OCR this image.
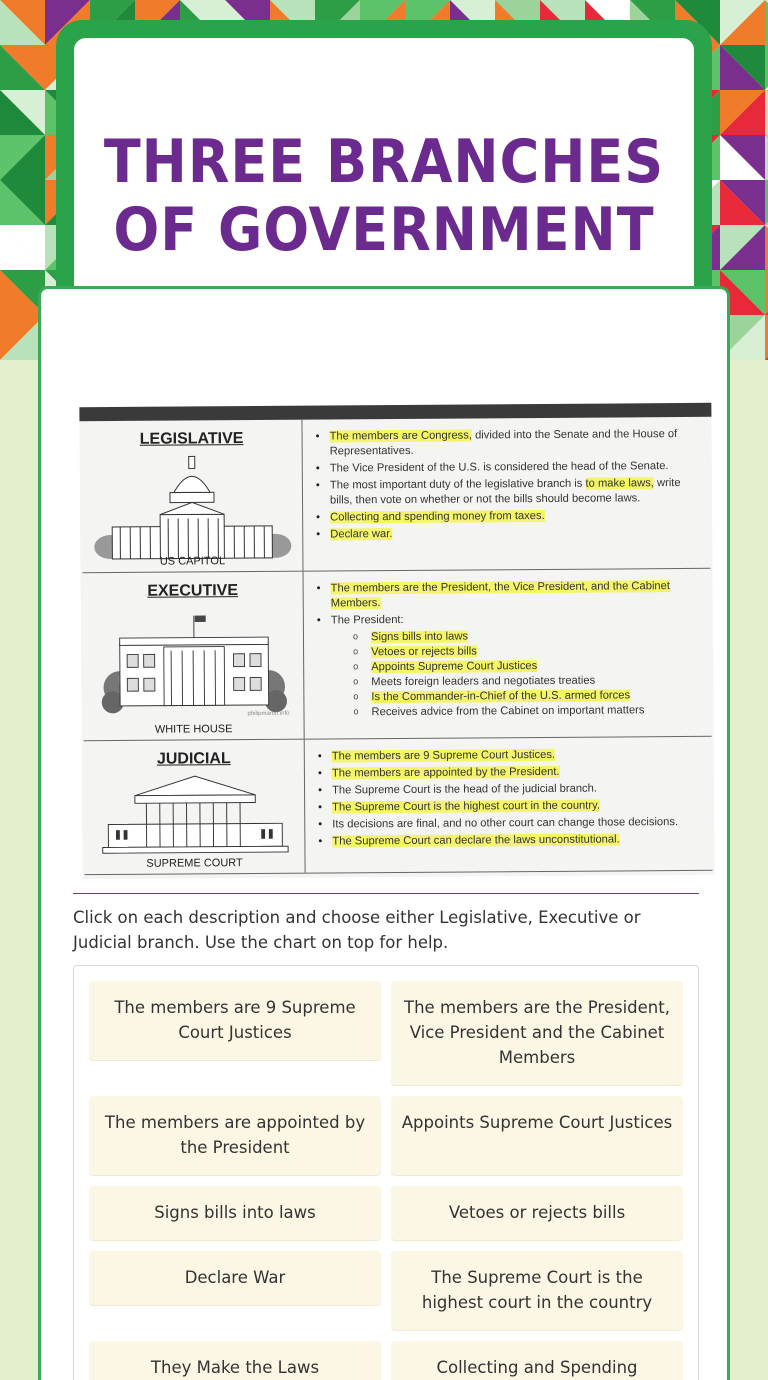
THREE BRANCHES OF GOVERNMENT
LEGISLATIVE
US CAPITOL
• The members are Congress, divided into the Senate and the House of Representatives.
• The Vice President of the U.S. is considered the head of the Senate.
• The most important duty of the legislative branch is to make laws, write bills, then vote on whether or not the bills should become laws.
• Collecting and spending money from taxes.
• Declare war.
EXECUTIVE
WHITE HOUSE
philipmartin.info
• The members are the President, the Vice President, and the Cabinet Members.
• The President:
o Signs bills into laws
o Vetoes or rejects bills
o Appoints Supreme Court Justices
o Meets foreign leaders and negotiates treaties
o Is the Commander-in-Chief of the U.S. armed forces
o Receives advice from the Cabinet on important matters
JUDICIAL
SUPREME COURT
• The members are 9 Supreme Court Justices.
• The members are appointed by the President.
• The Supreme Court is the head of the judicial branch.
• The Supreme Court is the highest court in the country.
• Its decisions are final, and no other court can change those decisions.
• The Supreme Court can declare the laws unconstitutional.
Click on each description and choose either Legislative, Executive or Judicial branch. Use the chart on top for help.
The members are 9 Supreme Court Justices
The members are the President, Vice President and the Cabinet Members
The members are appointed by the President
Appoints Supreme Court Justices
Signs bills into laws	Vetoes or rejects bills
Declare War	The Supreme Court is the highest court in the country
They Make the Laws	Collecting and Spending
